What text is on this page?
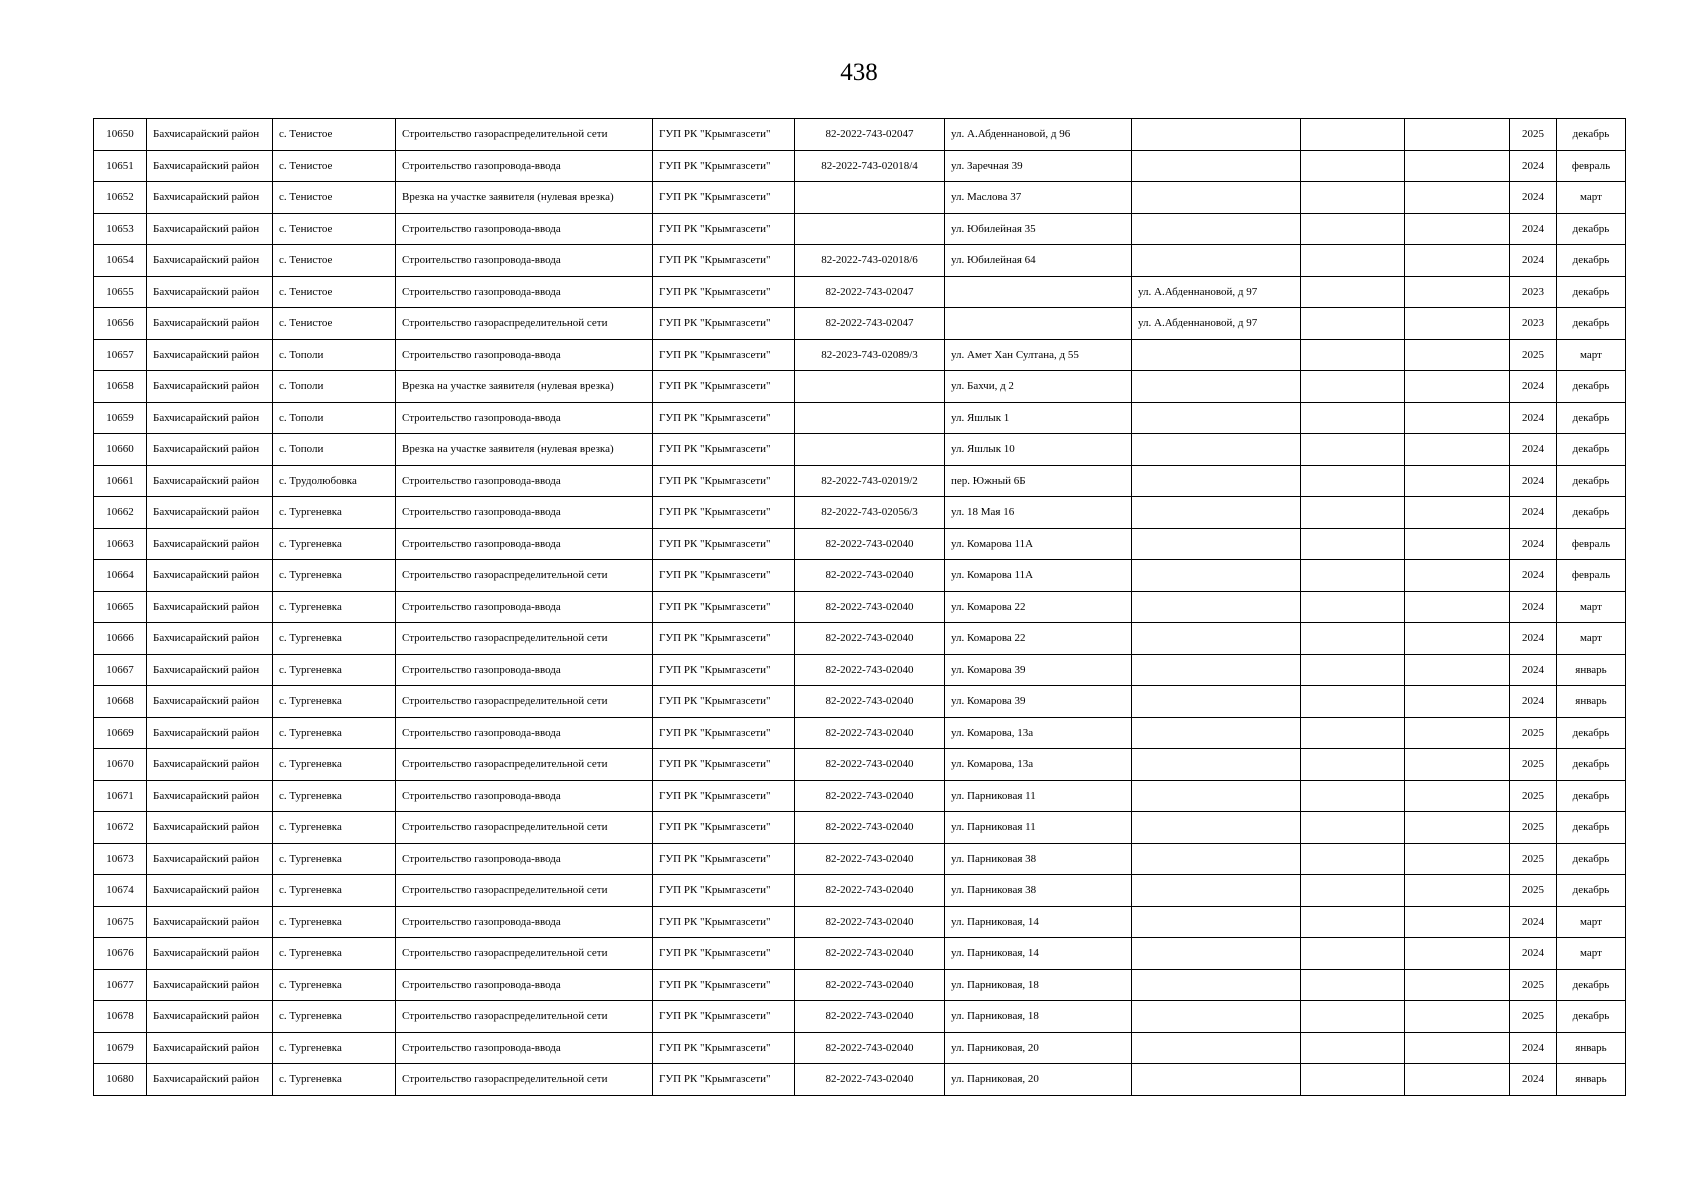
438
10650	Бахчисарайский район	с. Тенистое	Строительство газораспределительной сети	ГУП РК "Крымгазсети"	82-2022-743-02047	ул. А.Абденнановой, д 96				2025	декабрь
10651	Бахчисарайский район	с. Тенистое	Строительство газопровода-ввода	ГУП РК "Крымгазсети"	82-2022-743-02018/4	ул. Заречная 39				2024	февраль
10652	Бахчисарайский район	с. Тенистое	Врезка на участке заявителя (нулевая врезка)	ГУП РК "Крымгазсети"		ул. Маслова 37				2024	март
10653	Бахчисарайский район	с. Тенистое	Строительство газопровода-ввода	ГУП РК "Крымгазсети"		ул. Юбилейная 35				2024	декабрь
10654	Бахчисарайский район	с. Тенистое	Строительство газопровода-ввода	ГУП РК "Крымгазсети"	82-2022-743-02018/6	ул. Юбилейная 64				2024	декабрь
10655	Бахчисарайский район	с. Тенистое	Строительство газопровода-ввода	ГУП РК "Крымгазсети"	82-2022-743-02047		ул. А.Абденнановой, д 97			2023	декабрь
10656	Бахчисарайский район	с. Тенистое	Строительство газораспределительной сети	ГУП РК "Крымгазсети"	82-2022-743-02047		ул. А.Абденнановой, д 97			2023	декабрь
10657	Бахчисарайский район	с. Тополи	Строительство газопровода-ввода	ГУП РК "Крымгазсети"	82-2023-743-02089/3	ул. Амет Хан Султана, д 55				2025	март
10658	Бахчисарайский район	с. Тополи	Врезка на участке заявителя (нулевая врезка)	ГУП РК "Крымгазсети"		ул. Бахчи, д 2				2024	декабрь
10659	Бахчисарайский район	с. Тополи	Строительство газопровода-ввода	ГУП РК "Крымгазсети"		ул. Яшлык 1				2024	декабрь
10660	Бахчисарайский район	с. Тополи	Врезка на участке заявителя (нулевая врезка)	ГУП РК "Крымгазсети"		ул. Яшлык 10				2024	декабрь
10661	Бахчисарайский район	с. Трудолюбовка	Строительство газопровода-ввода	ГУП РК "Крымгазсети"	82-2022-743-02019/2	пер. Южный 6Б				2024	декабрь
10662	Бахчисарайский район	с. Тургеневка	Строительство газопровода-ввода	ГУП РК "Крымгазсети"	82-2022-743-02056/3	ул. 18 Мая 16				2024	декабрь
10663	Бахчисарайский район	с. Тургеневка	Строительство газопровода-ввода	ГУП РК "Крымгазсети"	82-2022-743-02040	ул. Комарова 11А				2024	февраль
10664	Бахчисарайский район	с. Тургеневка	Строительство газораспределительной сети	ГУП РК "Крымгазсети"	82-2022-743-02040	ул. Комарова 11А				2024	февраль
10665	Бахчисарайский район	с. Тургеневка	Строительство газопровода-ввода	ГУП РК "Крымгазсети"	82-2022-743-02040	ул. Комарова 22				2024	март
10666	Бахчисарайский район	с. Тургеневка	Строительство газораспределительной сети	ГУП РК "Крымгазсети"	82-2022-743-02040	ул. Комарова 22				2024	март
10667	Бахчисарайский район	с. Тургеневка	Строительство газопровода-ввода	ГУП РК "Крымгазсети"	82-2022-743-02040	ул. Комарова 39				2024	январь
10668	Бахчисарайский район	с. Тургеневка	Строительство газораспределительной сети	ГУП РК "Крымгазсети"	82-2022-743-02040	ул. Комарова 39				2024	январь
10669	Бахчисарайский район	с. Тургеневка	Строительство газопровода-ввода	ГУП РК "Крымгазсети"	82-2022-743-02040	ул. Комарова, 13а				2025	декабрь
10670	Бахчисарайский район	с. Тургеневка	Строительство газораспределительной сети	ГУП РК "Крымгазсети"	82-2022-743-02040	ул. Комарова, 13а				2025	декабрь
10671	Бахчисарайский район	с. Тургеневка	Строительство газопровода-ввода	ГУП РК "Крымгазсети"	82-2022-743-02040	ул. Парниковая 11				2025	декабрь
10672	Бахчисарайский район	с. Тургеневка	Строительство газораспределительной сети	ГУП РК "Крымгазсети"	82-2022-743-02040	ул. Парниковая 11				2025	декабрь
10673	Бахчисарайский район	с. Тургеневка	Строительство газопровода-ввода	ГУП РК "Крымгазсети"	82-2022-743-02040	ул. Парниковая 38				2025	декабрь
10674	Бахчисарайский район	с. Тургеневка	Строительство газораспределительной сети	ГУП РК "Крымгазсети"	82-2022-743-02040	ул. Парниковая 38				2025	декабрь
10675	Бахчисарайский район	с. Тургеневка	Строительство газопровода-ввода	ГУП РК "Крымгазсети"	82-2022-743-02040	ул. Парниковая, 14				2024	март
10676	Бахчисарайский район	с. Тургеневка	Строительство газораспределительной сети	ГУП РК "Крымгазсети"	82-2022-743-02040	ул. Парниковая, 14				2024	март
10677	Бахчисарайский район	с. Тургеневка	Строительство газопровода-ввода	ГУП РК "Крымгазсети"	82-2022-743-02040	ул. Парниковая, 18				2025	декабрь
10678	Бахчисарайский район	с. Тургеневка	Строительство газораспределительной сети	ГУП РК "Крымгазсети"	82-2022-743-02040	ул. Парниковая, 18				2025	декабрь
10679	Бахчисарайский район	с. Тургеневка	Строительство газопровода-ввода	ГУП РК "Крымгазсети"	82-2022-743-02040	ул. Парниковая, 20				2024	январь
10680	Бахчисарайский район	с. Тургеневка	Строительство газораспределительной сети	ГУП РК "Крымгазсети"	82-2022-743-02040	ул. Парниковая, 20				2024	январь
